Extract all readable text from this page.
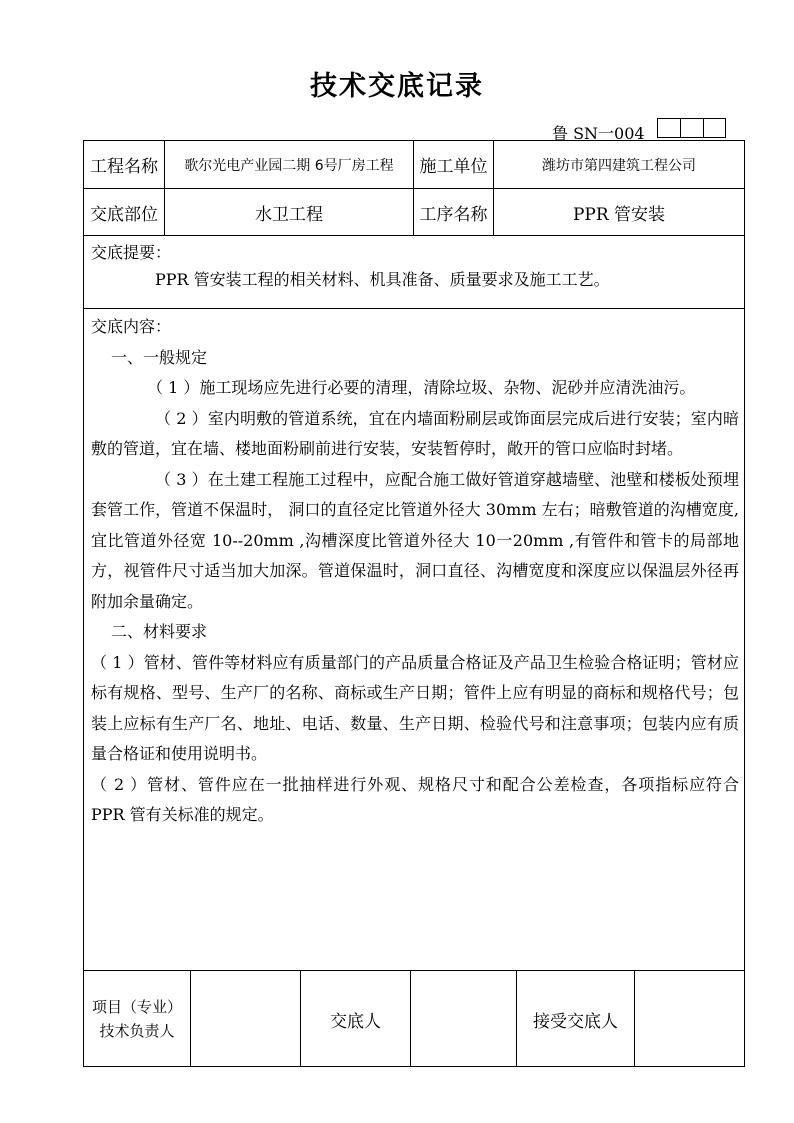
技术交底记录
鲁 SN一004
工程名称	歌尔光电产业园二期 6号厂房工程	施工单位	潍坊市第四建筑工程公司
交底部位	水卫工程	工序名称	PPR 管安装

交底提要：

PPR 管安装工程的相关材料、机具准备、质量要求及施工工艺。

交底内容：

一、一般规定

（ 1 ）施工现场应先进行必要的清理，清除垃圾、杂物、泥砂并应清洗油污。

（ 2 ）室内明敷的管道系统，宜在内墙面粉刷层或饰面层完成后进行安装；室内暗敷的管道，宜在墙、楼地面粉刷前进行安装，安装暂停时，敞开的管口应临时封堵。

（ 3 ）在土建工程施工过程中，应配合施工做好管道穿越墙壁、池壁和楼板处预埋套管工作，管道不保温时， 洞口的直径定比管道外径大 30mm 左右；暗敷管道的沟槽宽度,宜比管道外径宽 10--20mm ,沟槽深度比管道外径大 10一20mm ,有管件和管卡的局部地方，视管件尺寸适当加大加深。管道保温时，洞口直径、沟槽宽度和深度应以保温层外径再附加余量确定。

二、材料要求

（ 1 ）管材、管件等材料应有质量部门的产品质量合格证及产品卫生检验合格证明；管材应标有规格、型号、生产厂的名称、商标或生产日期；管件上应有明显的商标和规格代号；包装上应标有生产厂名、地址、电话、数量、生产日期、检验代号和注意事项；包装内应有质量合格证和使用说明书。

（ 2 ）管材、管件应在一批抽样进行外观、规格尺寸和配合公差检查，各项指标应符合 PPR 管有关标准的规定。

项目（专业）
技术负责人	交底人	接受交底人
